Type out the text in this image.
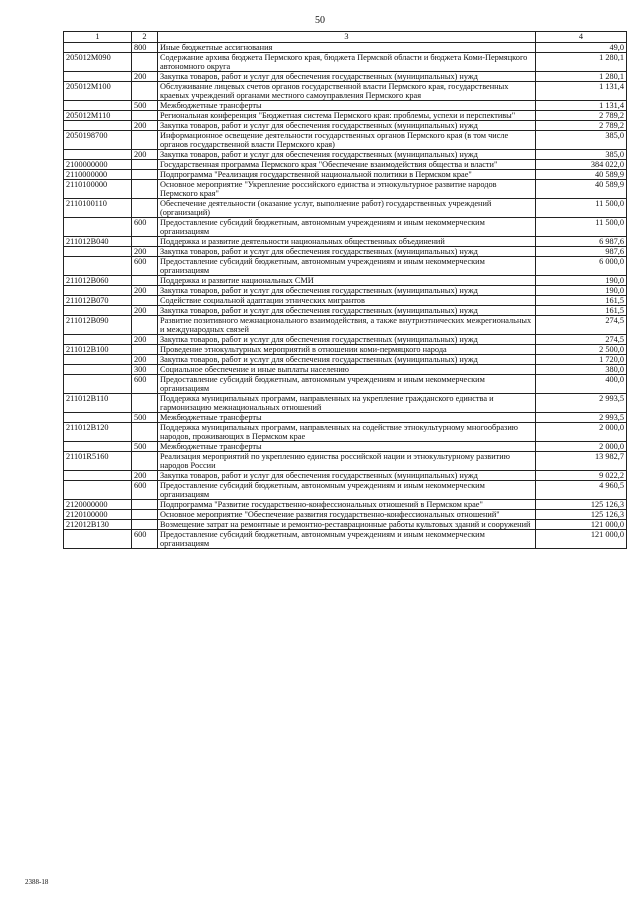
50
1	2	3	4
	800	Иные бюджетные ассигнования	49,0
205012М090		Содержание архива бюджета Пермского края, бюджета Пермской области и бюджета Коми-Пермяцкого автономного округа	1 280,1
	200	Закупка товаров, работ и услуг для обеспечения государственных (муниципальных) нужд	1 280,1
205012М100		Обслуживание лицевых счетов органов государственной власти Пермского края, государственных краевых учреждений органами местного самоуправления Пермского края	1 131,4
	500	Межбюджетные трансферты	1 131,4
205012М110		Региональная конференция "Бюджетная система Пермского края: проблемы, успехи и перспективы"	2 789,2
	200	Закупка товаров, работ и услуг для обеспечения государственных (муниципальных) нужд	2 789,2
2050198700		Информационное освещение деятельности государственных органов Пермского края (в том числе органов государственной власти Пермского края)	385,0
	200	Закупка товаров, работ и услуг для обеспечения государственных (муниципальных) нужд	385,0
2100000000		Государственная программа Пермского края "Обеспечение взаимодействия общества и власти"	384 022,0
2110000000		Подпрограмма "Реализация государственной национальной политики в Пермском крае"	40 589,9
2110100000		Основное мероприятие "Укрепление российского единства и этнокультурное развитие народов Пермского края"	40 589,9
2110100110		Обеспечение деятельности (оказание услуг, выполнение работ) государственных учреждений (организаций)	11 500,0
	600	Предоставление субсидий бюджетным, автономным учреждениям и иным некоммерческим организациям	11 500,0
211012В040		Поддержка и развитие деятельности национальных общественных объединений	6 987,6
	200	Закупка товаров, работ и услуг для обеспечения государственных (муниципальных) нужд	987,6
	600	Предоставление субсидий бюджетным, автономным учреждениям и иным некоммерческим организациям	6 000,0
211012В060		Поддержка и развитие национальных СМИ	190,0
	200	Закупка товаров, работ и услуг для обеспечения государственных (муниципальных) нужд	190,0
211012В070		Содействие социальной адаптации этнических мигрантов	161,5
	200	Закупка товаров, работ и услуг для обеспечения государственных (муниципальных) нужд	161,5
211012В090		Развитие позитивного межнационального взаимодействия, а также внутриэтнических межрегиональных и международных связей	274,5
	200	Закупка товаров, работ и услуг для обеспечения государственных (муниципальных) нужд	274,5
211012В100		Проведение этнокультурных мероприятий в отношении коми-пермяцкого народа	2 500,0
	200	Закупка товаров, работ и услуг для обеспечения государственных (муниципальных) нужд	1 720,0
	300	Социальное обеспечение и иные выплаты населению	380,0
	600	Предоставление субсидий бюджетным, автономным учреждениям и иным некоммерческим организациям	400,0
211012В110		Поддержка муниципальных программ, направленных на укрепление гражданского единства и гармонизацию межнациональных отношений	2 993,5
	500	Межбюджетные трансферты	2 993,5
211012В120		Поддержка муниципальных программ, направленных на содействие этнокультурному многообразию народов, проживающих в Пермском крае	2 000,0
	500	Межбюджетные трансферты	2 000,0
21101R5160		Реализация мероприятий по укреплению единства российской нации и этнокультурному развитию народов России	13 982,7
	200	Закупка товаров, работ и услуг для обеспечения государственных (муниципальных) нужд	9 022,2
	600	Предоставление субсидий бюджетным, автономным учреждениям и иным некоммерческим организациям	4 960,5
2120000000		Подпрограмма "Развитие государственно-конфессиональных отношений в Пермском крае"	125 126,3
2120100000		Основное мероприятие "Обеспечение развития государственно-конфессиональных отношений"	125 126,3
212012В130		Возмещение затрат на ремонтные и ремонтно-реставрационные работы культовых зданий и сооружений	121 000,0
	600	Предоставление субсидий бюджетным, автономным учреждениям и иным некоммерческим организациям	121 000,0
2388-18
